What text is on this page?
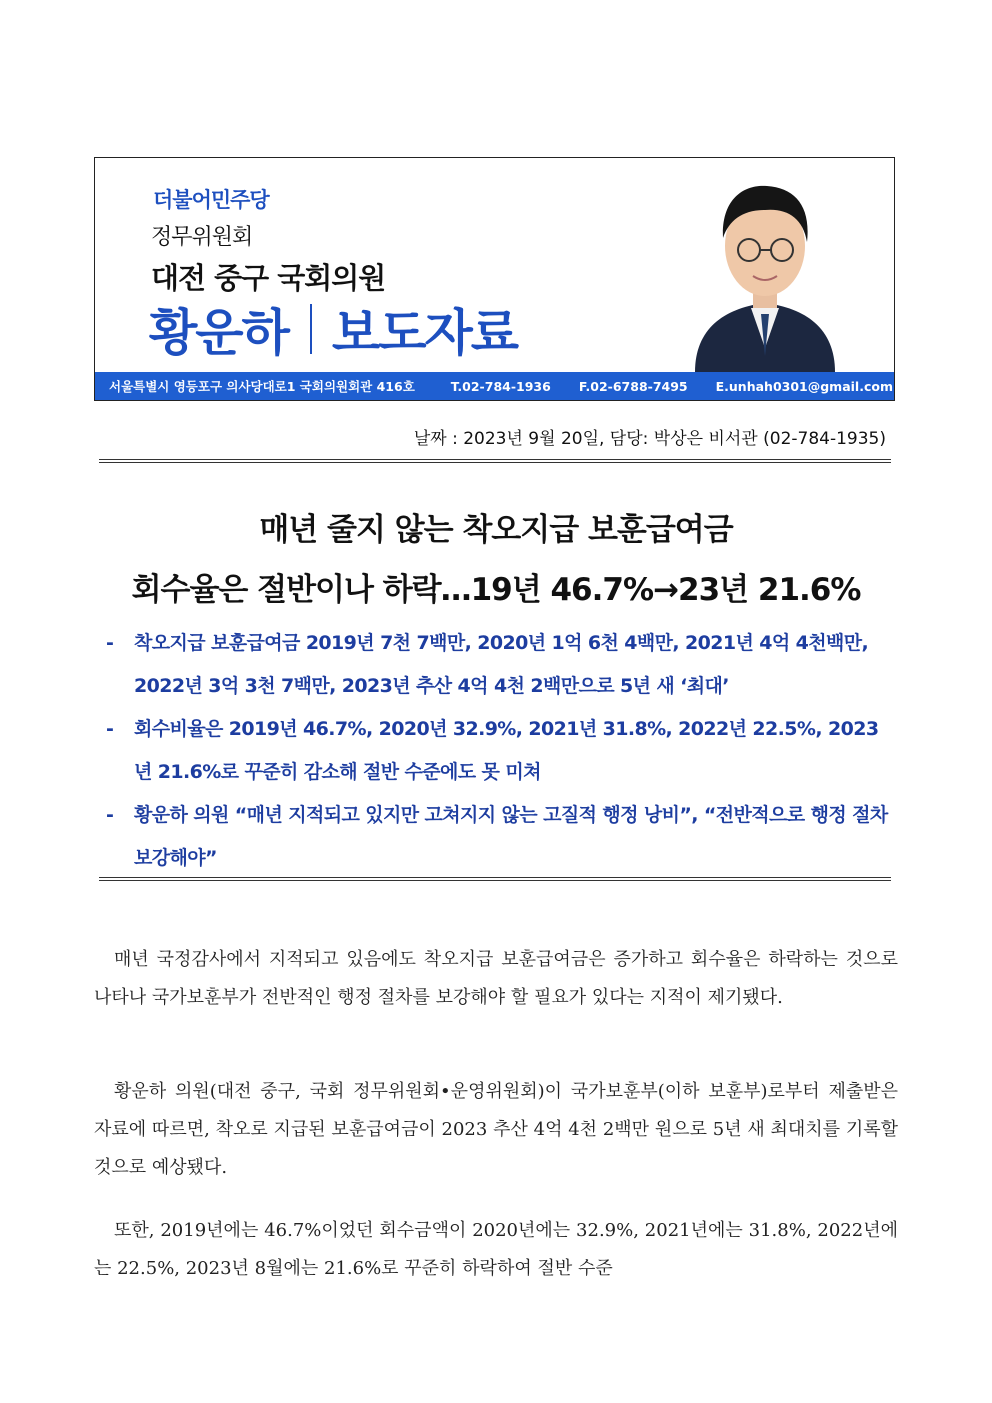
더불어민주당
정무위원회
대전 중구 국회의원
황운하 보도자료
서울특별시 영등포구 의사당대로1 국회의원회관 416호	T.02-784-1936 F.02-6788-7495 E.unhah0301@gmail.com
날짜 : 2023년 9월 20일, 담당: 박상은 비서관 (02-784-1935)
매년 줄지 않는 착오지급 보훈급여금
회수율은 절반이나 하락…19년 46.7%→23년 21.6%
- 착오지급 보훈급여금 2019년 7천 7백만, 2020년 1억 6천 4백만, 2021년 4억 4천백만, 2022년 3억 3천 7백만, 2023년 추산 4억 4천 2백만으로 5년 새 ‘최대’
- 회수비율은 2019년 46.7%, 2020년 32.9%, 2021년 31.8%, 2022년 22.5%, 2023년 21.6%로 꾸준히 감소해 절반 수준에도 못 미쳐
- 황운하 의원 “매년 지적되고 있지만 고쳐지지 않는 고질적 행정 낭비”, “전반적으로 행정 절차 보강해야”

매년 국정감사에서 지적되고 있음에도 착오지급 보훈급여금은 증가하고 회수율은 하락하는 것으로 나타나 국가보훈부가 전반적인 행정 절차를 보강해야 할 필요가 있다는 지적이 제기됐다.

황운하 의원(대전 중구, 국회 정무위원회•운영위원회)이 국가보훈부(이하 보훈부)로부터 제출받은 자료에 따르면, 착오로 지급된 보훈급여금이 2023 추산 4억 4천 2백만 원으로 5년 새 최대치를 기록할 것으로 예상됐다.

또한, 2019년에는 46.7%이었던 회수금액이 2020년에는 32.9%, 2021년에는 31.8%, 2022년에는 22.5%, 2023년 8월에는 21.6%로 꾸준히 하락하여 절반 수준
